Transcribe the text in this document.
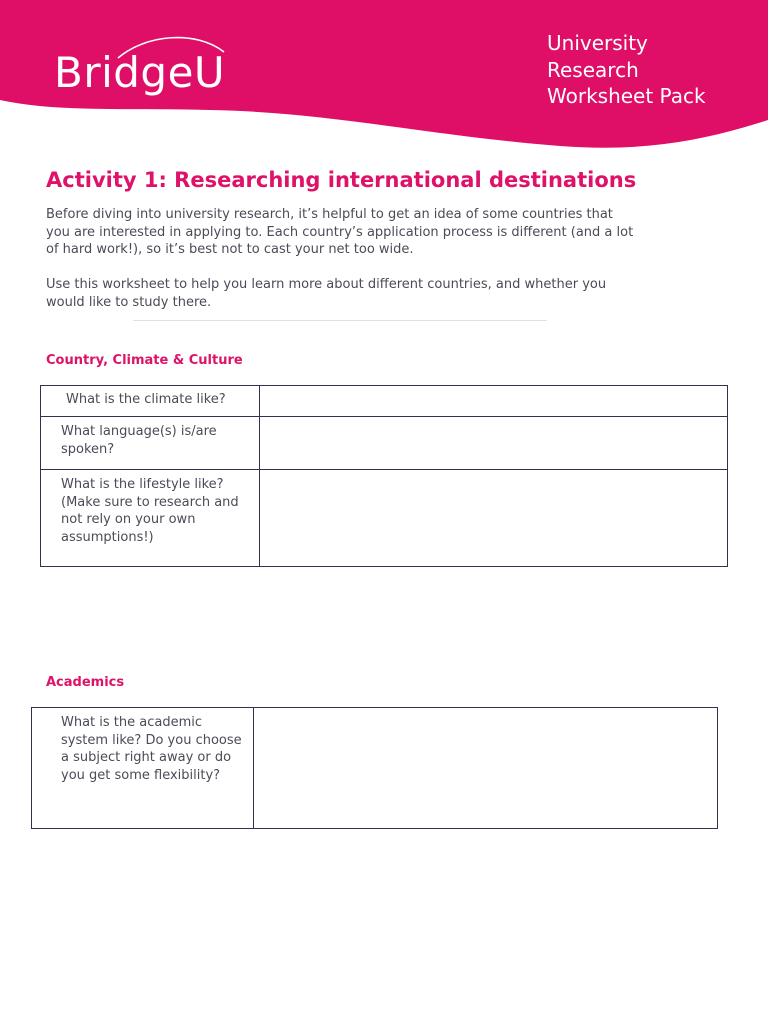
BridgeU
University
Research
Worksheet Pack
Activity 1: Researching international destinations

Before diving into university research, it’s helpful to get an idea of some countries that you are interested in applying to. Each country’s application process is different (and a lot of hard work!), so it’s best not to cast your net too wide.

Use this worksheet to help you learn more about different countries, and whether you would like to study there.

Country, Climate & Culture
What is the climate like?	
What language(s) is/are spoken?	
What is the lifestyle like? (Make sure to research and not rely on your own assumptions!)	
Academics
What is the academic system like? Do you choose a subject right away or do you get some flexibility?	
